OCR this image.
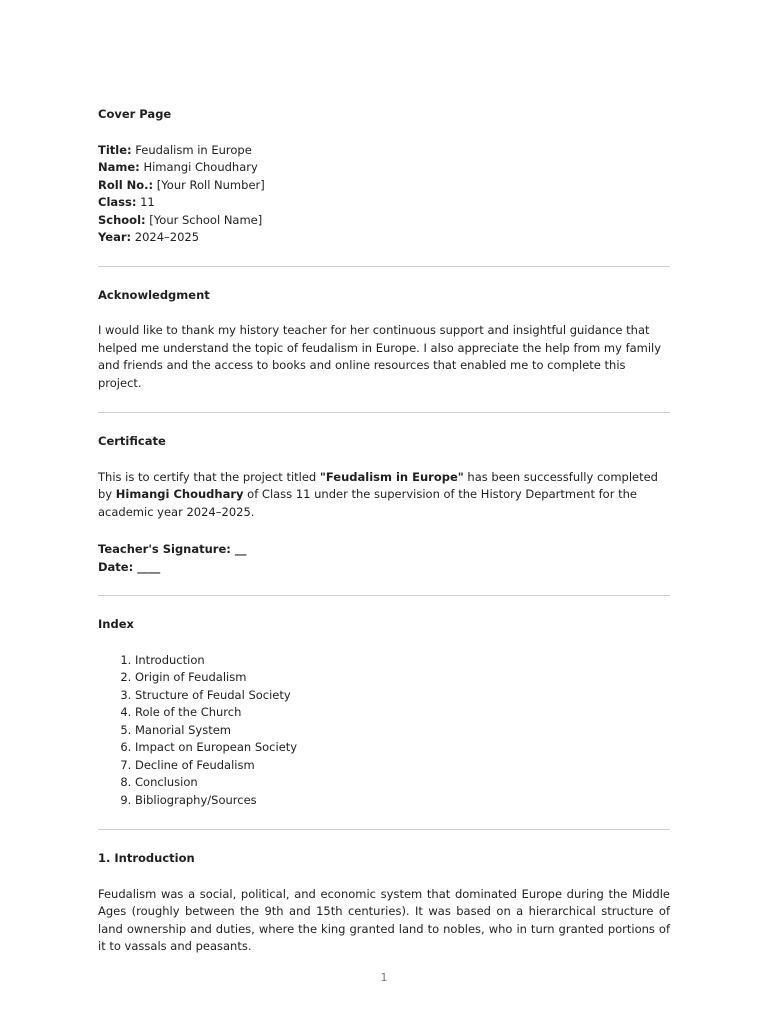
Cover Page

Title: Feudalism in Europe

Name: Himangi Choudhary

Roll No.: [Your Roll Number]

Class: 11

School: [Your School Name]

Year: 2024–2025

Acknowledgment

I would like to thank my history teacher for her continuous support and insightful guidance that helped me understand the topic of feudalism in Europe. I also appreciate the help from my family and friends and the access to books and online resources that enabled me to complete this project.

Certificate

This is to certify that the project titled "Feudalism in Europe" has been successfully completed by Himangi Choudhary of Class 11 under the supervision of the History Department for the academic year 2024–2025.

Teacher's Signature: __

Date: ____

Index

1. Introduction
2. Origin of Feudalism
3. Structure of Feudal Society
4. Role of the Church
5. Manorial System
6. Impact on European Society
7. Decline of Feudalism
8. Conclusion
9. Bibliography/Sources

1. Introduction

Feudalism was a social, political, and economic system that dominated Europe during the Middle Ages (roughly between the 9th and 15th centuries). It was based on a hierarchical structure of land ownership and duties, where the king granted land to nobles, who in turn granted portions of it to vassals and peasants.

1
